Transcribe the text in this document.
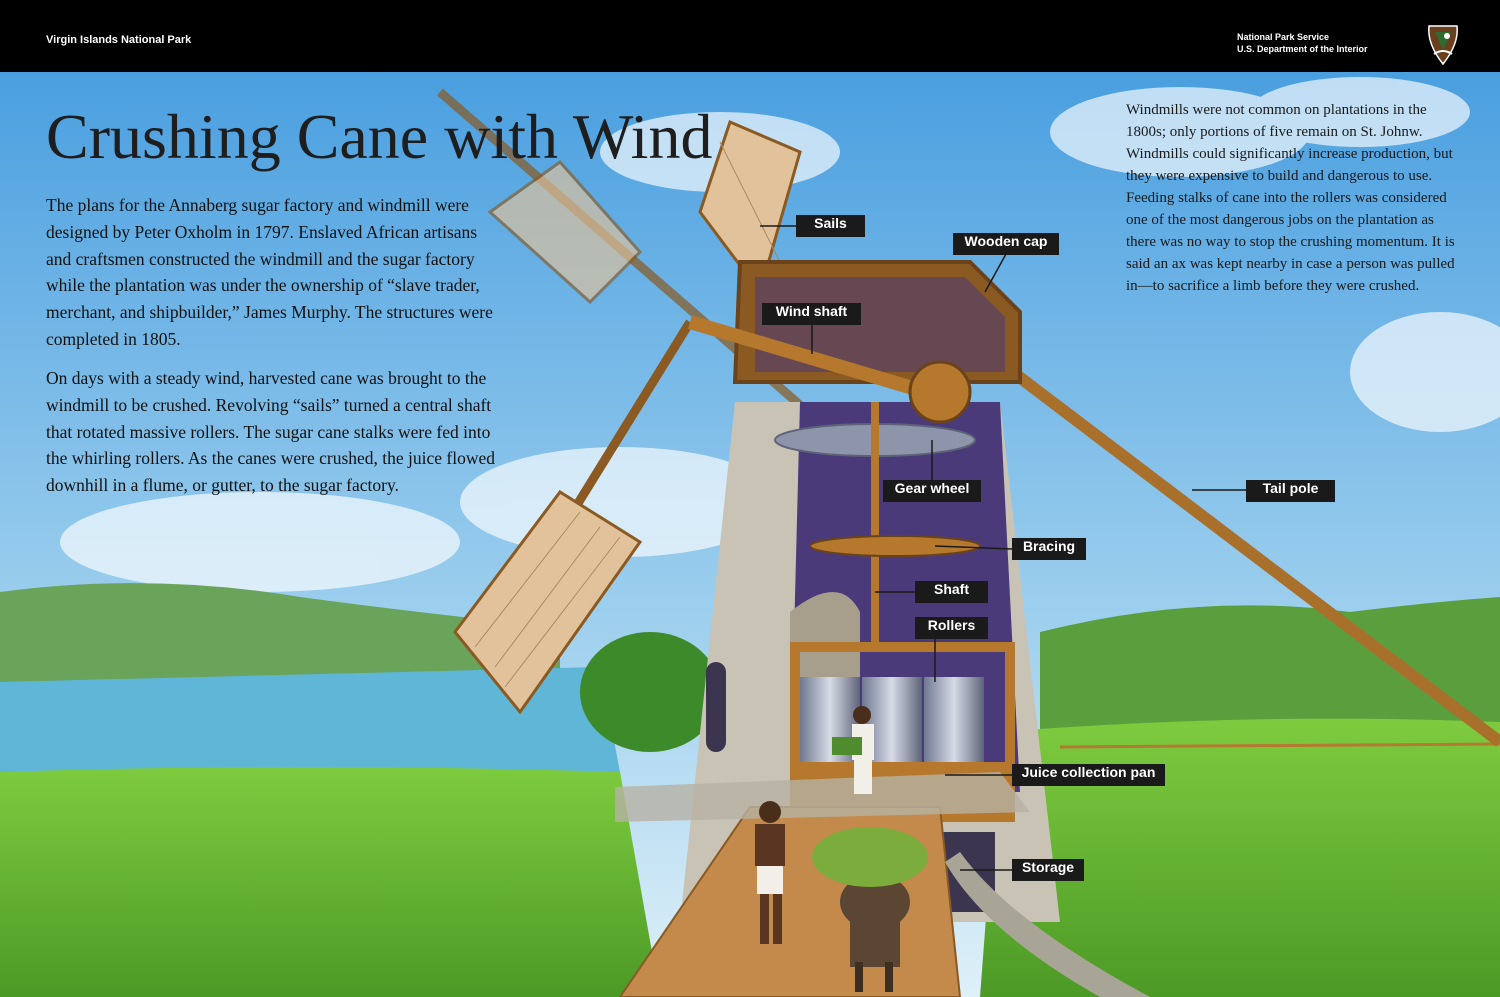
Virgin Islands National Park	National Park Service
U.S. Department of the Interior
Crushing Cane with Wind

The plans for the Annaberg sugar factory and windmill were designed by Peter Oxholm in 1797. Enslaved African artisans and craftsmen constructed the windmill and the sugar factory while the plantation was under the ownership of “slave trader, merchant, and shipbuilder,” James Murphy. The structures were completed in 1805.

On days with a steady wind, harvested cane was brought to the windmill to be crushed. Revolving “sails” turned a central shaft that rotated massive rollers. The sugar cane stalks were fed into the whirling rollers. As the canes were crushed, the juice flowed downhill in a flume, or gutter, to the sugar factory.

Windmills were not common on plantations in the 1800s; only portions of five remain on St. Johnw. Windmills could significantly increase production, but they were expensive to build and dangerous to use. Feeding stalks of cane into the rollers was considered one of the most dangerous jobs on the plantation as there was no way to stop the crushing momentum. It is said an ax was kept nearby in case a person was pulled in—to sacrifice a limb before they were crushed.

Sails
Wooden cap
Wind shaft
Gear wheel	Tail pole
Bracing
Shaft
Rollers
Juice collection pan
Storage
